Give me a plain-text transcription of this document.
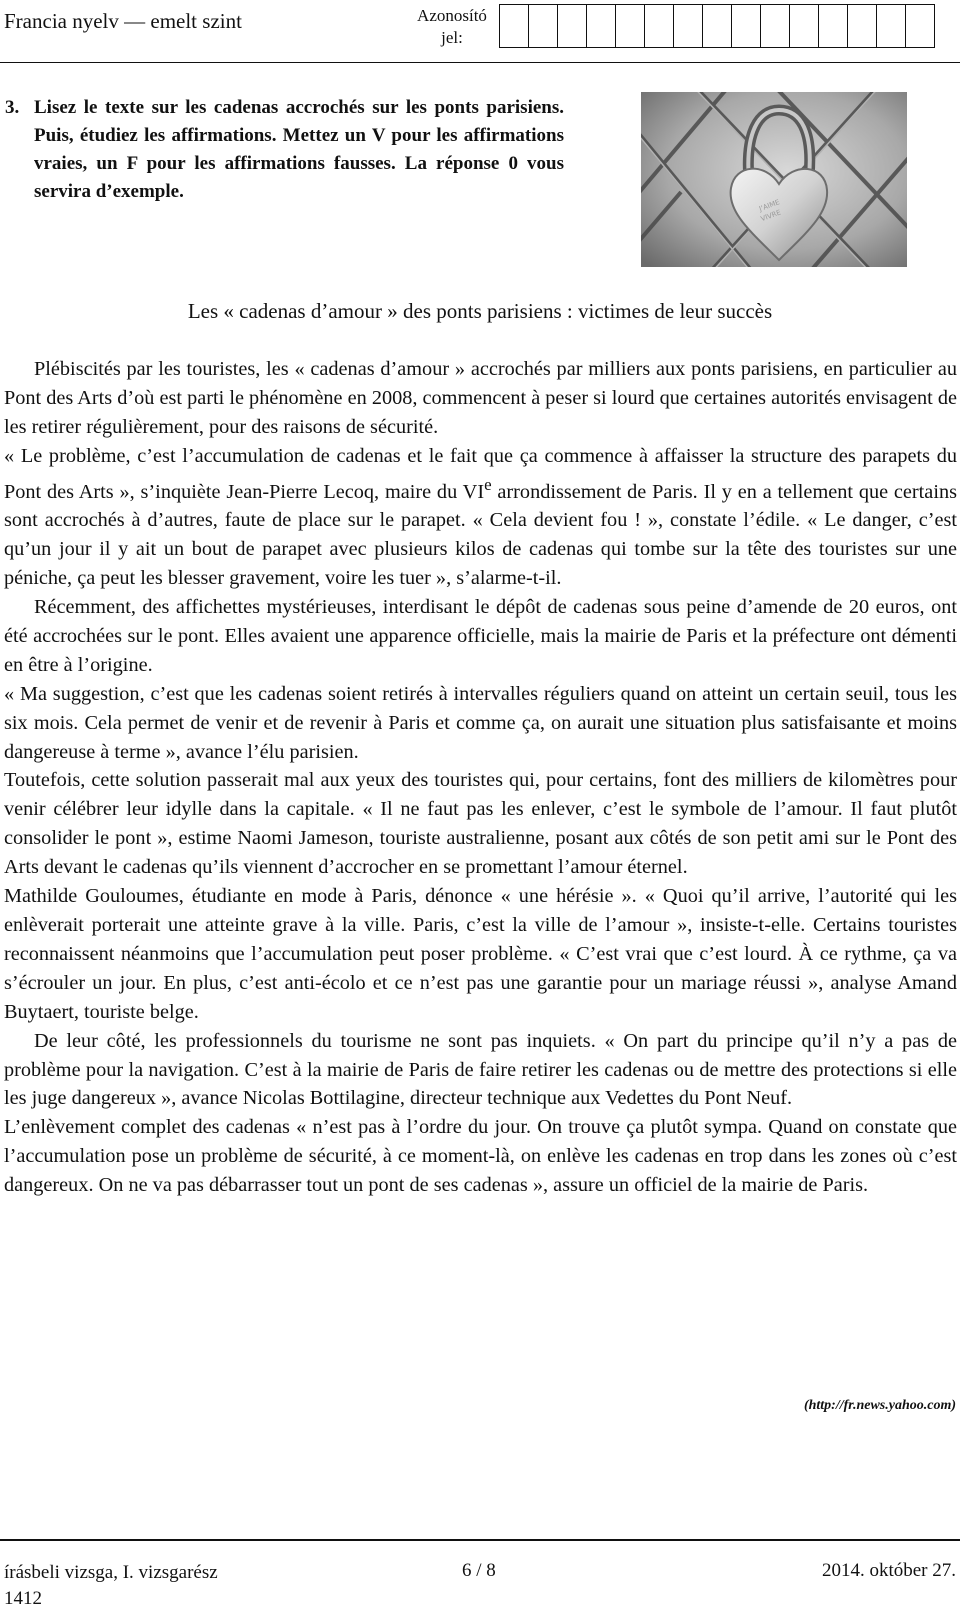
Francia nyelv — emelt szint	Azonosító jel:
3. Lisez le texte sur les cadenas accrochés sur les ponts parisiens. Puis, étudiez les affirmations. Mettez un V pour les affirmations vraies, un F pour les affirmations fausses. La réponse 0 vous servira d’exemple.
J'AIME
VIVRE
Les « cadenas d’amour » des ponts parisiens : victimes de leur succès

Plébiscités par les touristes, les « cadenas d’amour » accrochés par milliers aux ponts parisiens, en particulier au Pont des Arts d’où est parti le phénomène en 2008, commencent à peser si lourd que certaines autorités envisagent de les retirer régulièrement, pour des raisons de sécurité.

« Le problème, c’est l’accumulation de cadenas et le fait que ça commence à affaisser la structure des parapets du Pont des Arts », s’inquiète Jean-Pierre Lecoq, maire du VIe arrondissement de Paris. Il y en a tellement que certains sont accrochés à d’autres, faute de place sur le parapet. « Cela devient fou ! », constate l’édile. « Le danger, c’est qu’un jour il y ait un bout de parapet avec plusieurs kilos de cadenas qui tombe sur la tête des touristes sur une péniche, ça peut les blesser gravement, voire les tuer », s’alarme-t-il.

Récemment, des affichettes mystérieuses, interdisant le dépôt de cadenas sous peine d’amende de 20 euros, ont été accrochées sur le pont. Elles avaient une apparence officielle, mais la mairie de Paris et la préfecture ont démenti en être à l’origine.

« Ma suggestion, c’est que les cadenas soient retirés à intervalles réguliers quand on atteint un certain seuil, tous les six mois. Cela permet de venir et de revenir à Paris et comme ça, on aurait une situation plus satisfaisante et moins dangereuse à terme », avance l’élu parisien.

Toutefois, cette solution passerait mal aux yeux des touristes qui, pour certains, font des milliers de kilomètres pour venir célébrer leur idylle dans la capitale. « Il ne faut pas les enlever, c’est le symbole de l’amour. Il faut plutôt consolider le pont », estime Naomi Jameson, touriste australienne, posant aux côtés de son petit ami sur le Pont des Arts devant le cadenas qu’ils viennent d’accrocher en se promettant l’amour éternel.

Mathilde Gouloumes, étudiante en mode à Paris, dénonce « une hérésie ». « Quoi qu’il arrive, l’autorité qui les enlèverait porterait une atteinte grave à la ville. Paris, c’est la ville de l’amour », insiste-t-elle. Certains touristes reconnaissent néanmoins que l’accumulation peut poser problème. « C’est vrai que c’est lourd. À ce rythme, ça va s’écrouler un jour. En plus, c’est anti-écolo et ce n’est pas une garantie pour un mariage réussi », analyse Amand Buytaert, touriste belge.

De leur côté, les professionnels du tourisme ne sont pas inquiets. « On part du principe qu’il n’y a pas de problème pour la navigation. C’est à la mairie de Paris de faire retirer les cadenas ou de mettre des protections si elle les juge dangereux », avance Nicolas Bottilagine, directeur technique aux Vedettes du Pont Neuf.

L’enlèvement complet des cadenas « n’est pas à l’ordre du jour. On trouve ça plutôt sympa. Quand on constate que l’accumulation pose un problème de sécurité, à ce moment-là, on enlève les cadenas en trop dans les zones où c’est dangereux. On ne va pas débarrasser tout un pont de ses cadenas », assure un officiel de la mairie de Paris.

(http://fr.news.yahoo.com)
írásbeli vizsga, I. vizsgarész
1412
6 / 8	2014. október 27.
